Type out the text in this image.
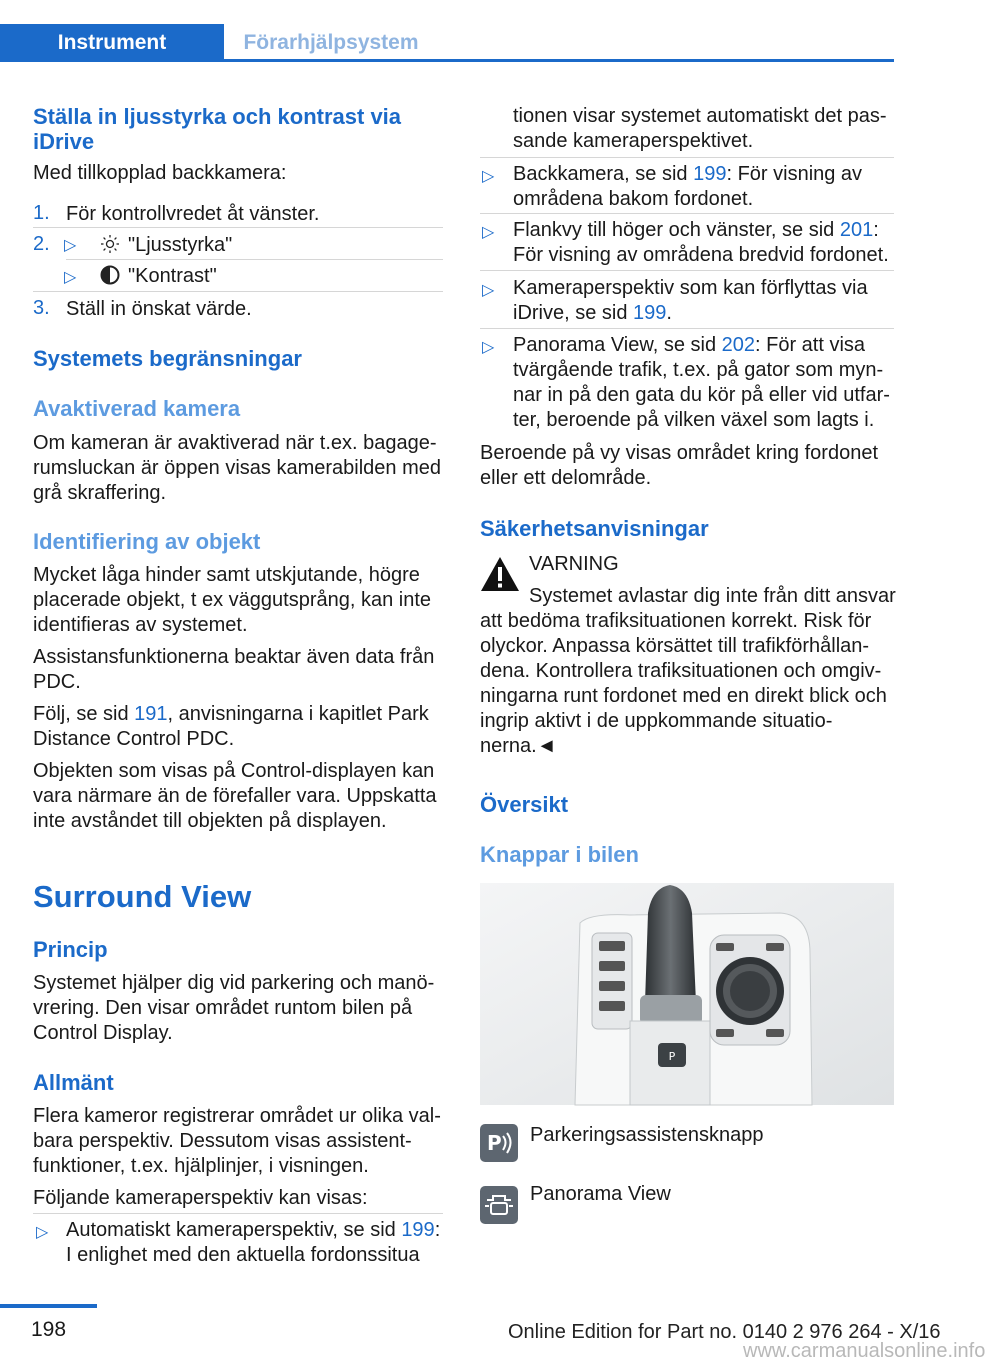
Instrument	Förarhjälpsystem
Ställa in ljusstyrka och kontrast via iDrive
Med tillkopplad backkamera:
1. För kontrollvredet åt vänster.
2. ▷	"Ljusstyrka"
▷	"Kontrast"
3. Ställ in önskat värde.
Systemets begränsningar
Avaktiverad kamera
Om kameran är avaktiverad när t.ex. bagagerumsluckan är öppen visas kamerabilden med grå skraffering.
Identifiering av objekt
Mycket låga hinder samt utskjutande, högre placerade objekt, t ex väggutsprång, kan inte identifieras av systemet.
Assistansfunktionerna beaktar även data från PDC.
Följ, se sid 191, anvisningarna i kapitlet Park Distance Control PDC.
Objekten som visas på Control-displayen kan vara närmare än de förefaller vara. Uppskatta inte avståndet till objekten på displayen.
Surround View
Princip
Systemet hjälper dig vid parkering och manövrering. Den visar området runtom bilen på Control Display.
Allmänt
Flera kameror registrerar området ur olika valbara perspektiv. Dessutom visas assistentfunktioner, t.ex. hjälplinjer, i visningen.
Följande kameraperspektiv kan visas:
▷ Automatiskt kameraperspektiv, se sid 199: I enlighet med den aktuella fordonssitua
tionen visar systemet automatiskt det passande kameraperspektivet.
▷ Backkamera, se sid 199: För visning av områdena bakom fordonet.
▷ Flankvy till höger och vänster, se sid 201: För visning av områdena bredvid fordonet.
▷ Kameraperspektiv som kan förflyttas via iDrive, se sid 199.
▷ Panorama View, se sid 202: För att visa tvärgående trafik, t.ex. på gator som mynnar in på den gata du kör på eller vid utfarter, beroende på vilken växel som lagts i.
Beroende på vy visas området kring fordonet eller ett delområde.
Säkerhetsanvisningar
VARNING
Systemet avlastar dig inte från ditt ansvar
att bedöma trafiksituationen korrekt. Risk för olyckor. Anpassa körsättet till trafikförhållandena. Kontrollera trafiksituationen och omgivningarna runt fordonet med en direkt blick och ingrip aktivt i de uppkommande situationerna.◄
Översikt
Knappar i bilen
P
P Parkeringsassistensknapp
Panorama View
198	Online Edition for Part no. 0140 2 976 264 - X/16
www.carmanualsonline.info
